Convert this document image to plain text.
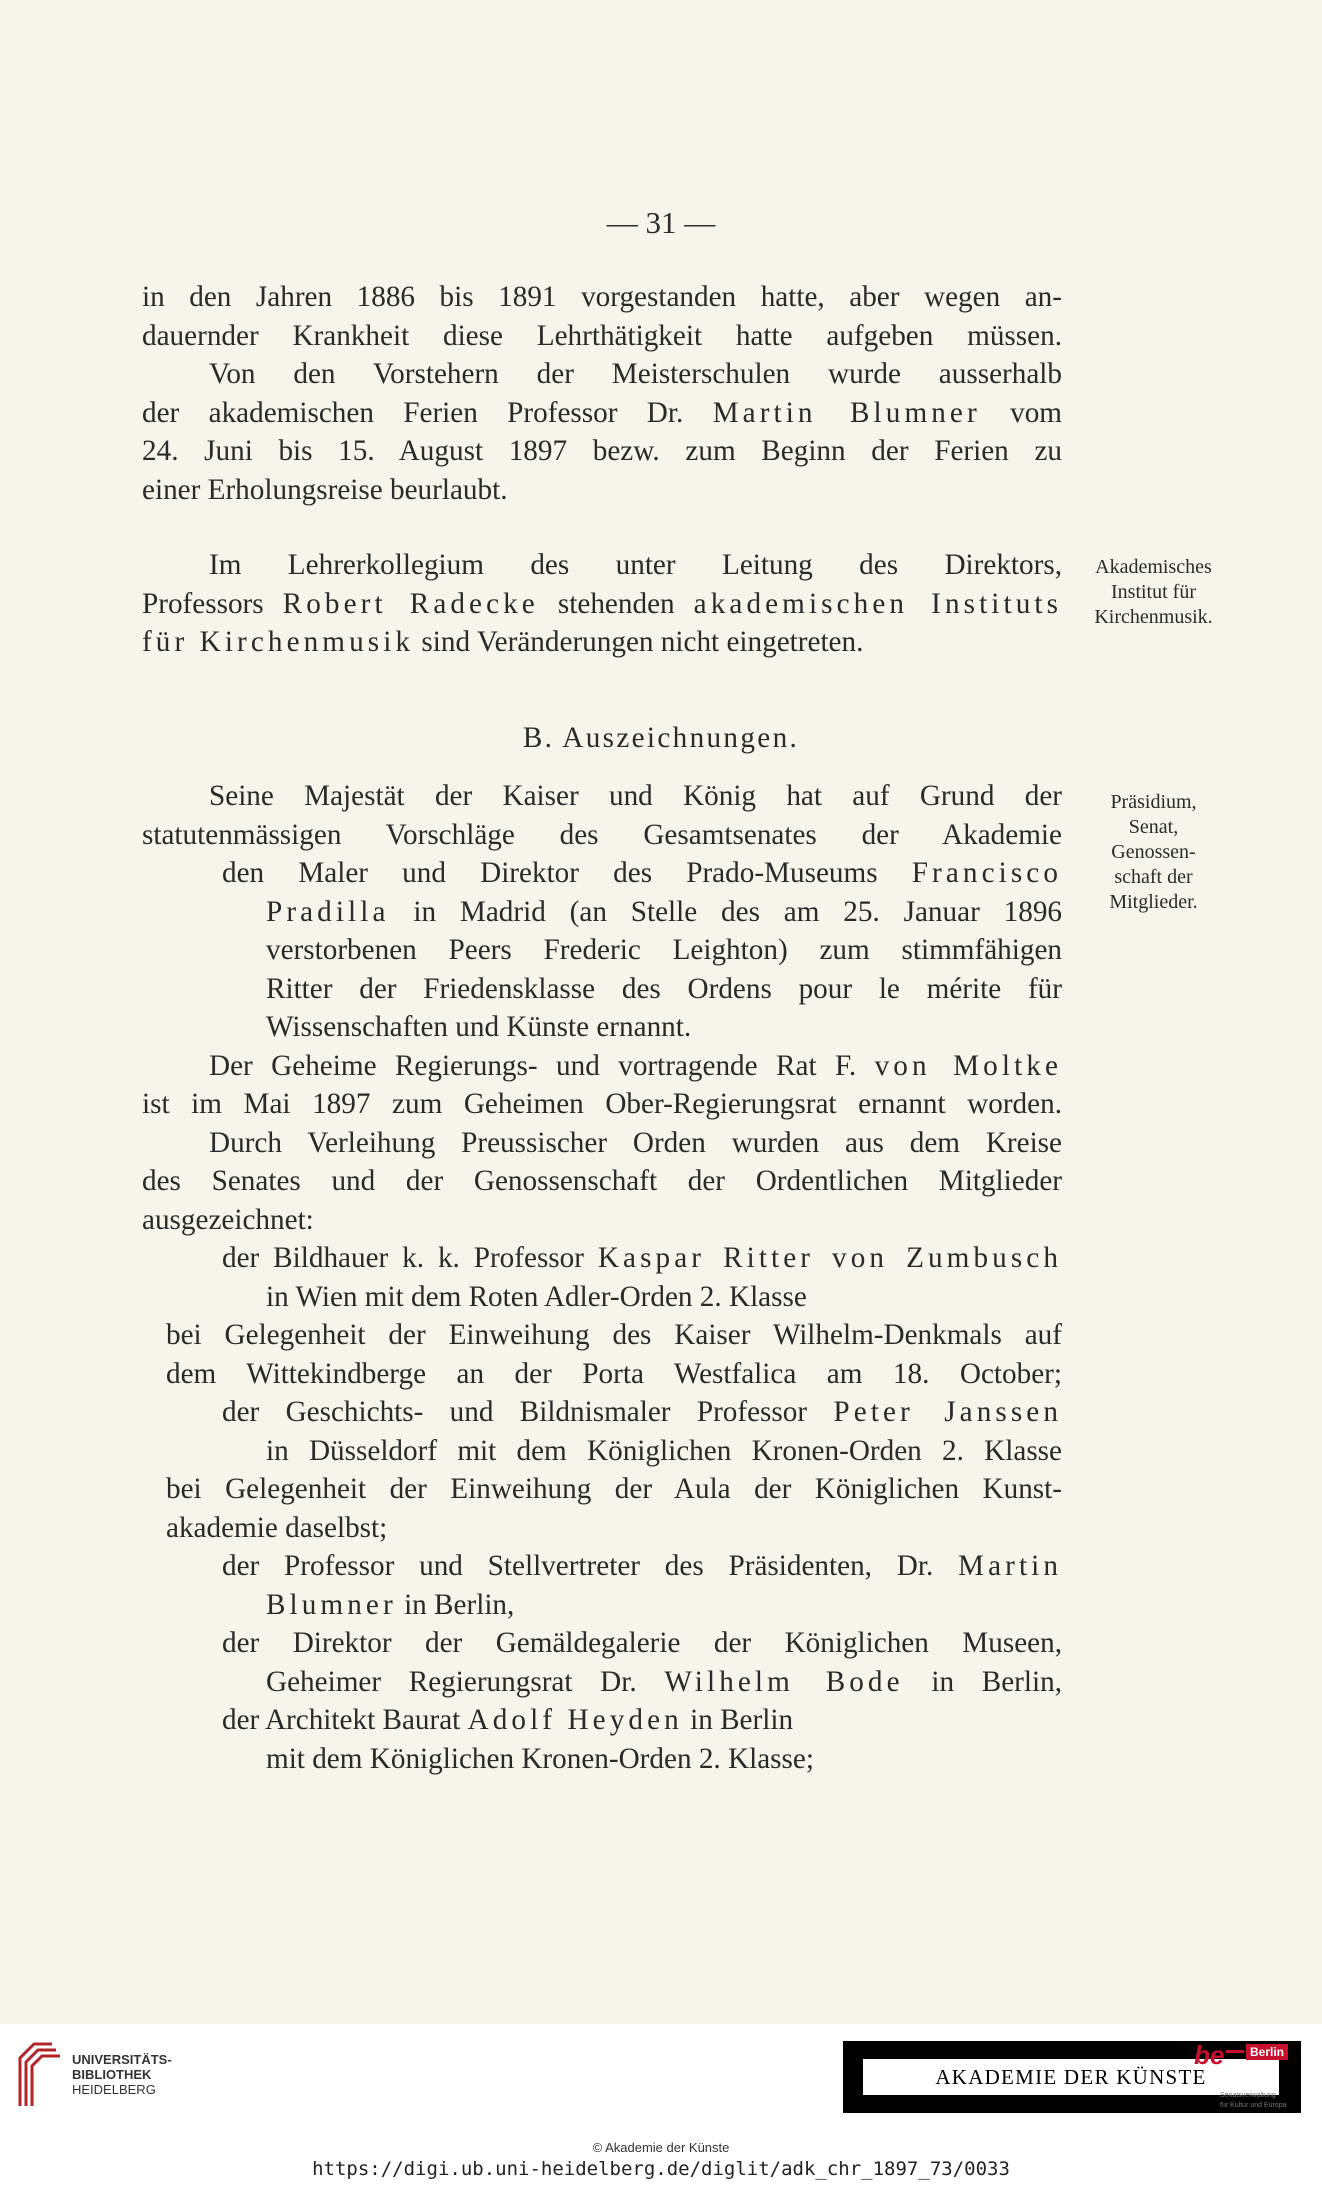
— 31 —
in den Jahren 1886 bis 1891 vorgestanden hatte, aber wegen an-
dauernder Krankheit diese Lehrthätigkeit hatte aufgeben müssen.
Von den Vorstehern der Meisterschulen wurde ausserhalb
der akademischen Ferien Professor Dr. Martin Blumner vom
24. Juni bis 15. August 1897 bezw. zum Beginn der Ferien zu
einer Erholungsreise beurlaubt.
Im Lehrerkollegium des unter Leitung des Direktors,
Professors Robert Radecke stehenden akademischen Instituts
für Kirchenmusik sind Veränderungen nicht eingetreten.
Akademisches
Institut für
Kirchenmusik.
B. Auszeichnungen.
Präsidium,
Senat,
Genossen-
schaft der
Mitglieder.
Seine Majestät der Kaiser und König hat auf Grund der
statutenmässigen Vorschläge des Gesamtsenates der Akademie
den Maler und Direktor des Prado-Museums Francisco
Pradilla in Madrid (an Stelle des am 25. Januar 1896
verstorbenen Peers Frederic Leighton) zum stimmfähigen
Ritter der Friedensklasse des Ordens pour le mérite für
Wissenschaften und Künste ernannt.
Der Geheime Regierungs- und vortragende Rat F. von Moltke
ist im Mai 1897 zum Geheimen Ober-Regierungsrat ernannt worden.
Durch Verleihung Preussischer Orden wurden aus dem Kreise
des Senates und der Genossenschaft der Ordentlichen Mitglieder
ausgezeichnet:
der Bildhauer k. k. Professor Kaspar Ritter von Zumbusch
in Wien mit dem Roten Adler-Orden 2. Klasse
bei Gelegenheit der Einweihung des Kaiser Wilhelm-Denkmals auf
dem Wittekindberge an der Porta Westfalica am 18. October;
der Geschichts- und Bildnismaler Professor Peter Janssen
in Düsseldorf mit dem Königlichen Kronen-Orden 2. Klasse
bei Gelegenheit der Einweihung der Aula der Königlichen Kunst-
akademie daselbst;
der Professor und Stellvertreter des Präsidenten, Dr. Martin
Blumner in Berlin,
der Direktor der Gemäldegalerie der Königlichen Museen,
Geheimer Regierungsrat Dr. Wilhelm Bode in Berlin,
der Architekt Baurat Adolf Heyden in Berlin
mit dem Königlichen Kronen-Orden 2. Klasse;
UNIVERSITÄTS-
BIBLIOTHEK
HEIDELBERG
AKADEMIE DER KÜNSTE
be	Berlin
Senatsverwaltung
für Kultur und Europa
© Akademie der Künste
https://digi.ub.uni-heidelberg.de/diglit/adk_chr_1897_73/0033
